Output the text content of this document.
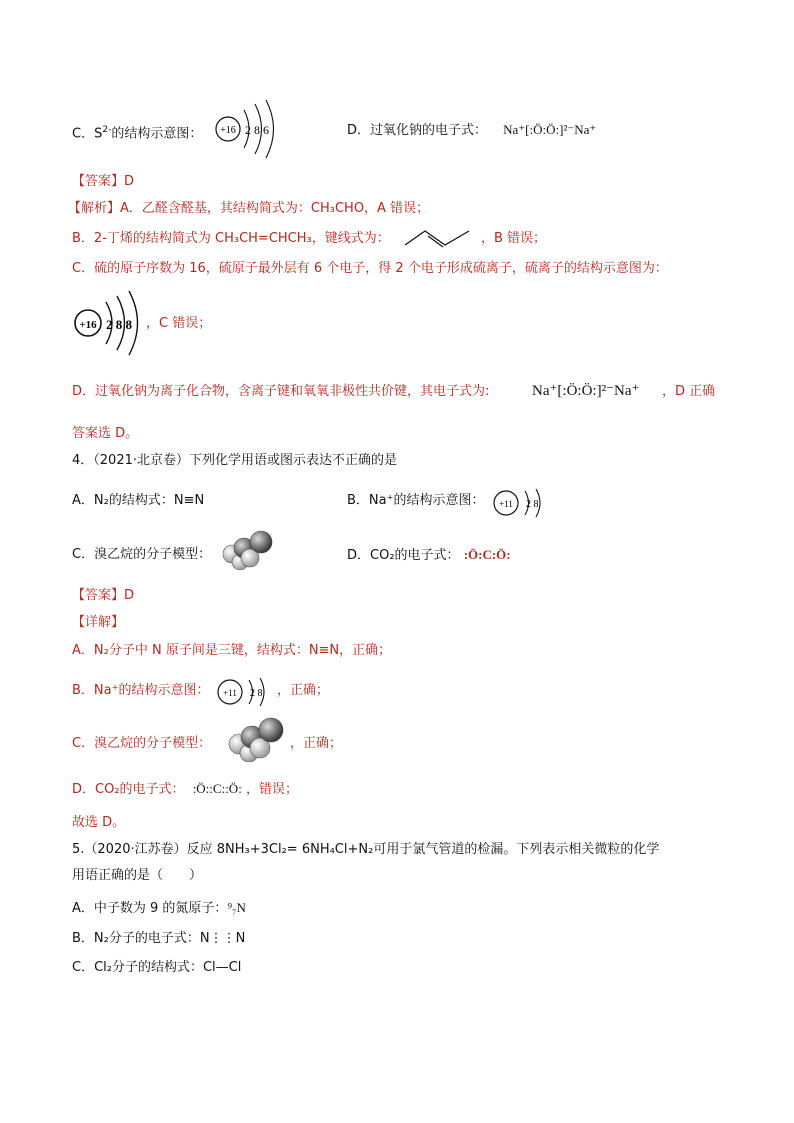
C．$S^{2-}$的结构示意图： +16 2 8 6	D．过氧化钠的电子式： Na⁺[:Ö:Ö:]²⁻Na⁺
【答案】D
【解析】A．乙醛含醛基，其结构简式为：CH₃CHO，A 错误；
B．2-丁烯的结构简式为 CH₃CH=CHCH₃，键线式为：	，B 错误；
C．硫的原子序数为 16，硫原子最外层有 6 个电子，得 2 个电子形成硫离子，硫离子的结构示意图为：
+16 2 8 8 ，C 错误；
D．过氧化钠为离子化合物，含离子键和氧氧非极性共价键，其电子式为:	Na⁺[:Ö:Ö:]²⁻Na⁺ ，D 正确
答案选 D。
4．（2021·北京卷）下列化学用语或图示表达不正确的是
A．N₂的结构式：N≡N	B．Na⁺的结构示意图： +11 2 8
C．溴乙烷的分子模型：	D．CO₂的电子式： :Ö:C:Ö:
【答案】D
【详解】
A．N₂分子中 N 原子间是三键，结构式：N≡N，正确；
B．Na⁺的结构示意图： +11 2 8 ，正确；
C．溴乙烷的分子模型：	，正确；
D．CO₂的电子式： :Ö::C::Ö: ，错误；
故选 D。
5.（2020·江苏卷）反应 8NH₃+3Cl₂= 6NH₄Cl+N₂可用于氯气管道的检漏。下列表示相关微粒的化学
用语正确的是（　　）
A．中子数为 9 的氮原子：⁹₇N
B．N₂分子的电子式：N⋮⋮N
C．Cl₂分子的结构式：Cl—Cl
